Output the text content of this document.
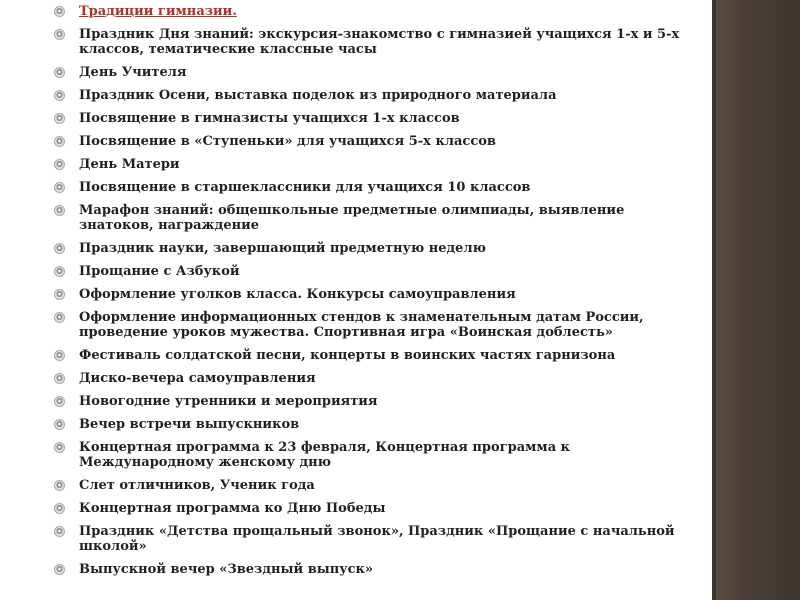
Традиции гимназии.
Праздник Дня знаний: экскурсия-знакомство с гимназией учащихся 1-х и 5-х классов, тематические классные часы
День Учителя
Праздник Осени, выставка поделок из природного материала
Посвящение в гимназисты учащихся 1-х классов
Посвящение в «Ступеньки» для учащихся 5-х классов
День Матери
Посвящение в старшеклассники для учащихся 10 классов
Марафон знаний: общешкольные предметные олимпиады, выявление знатоков, награждение
Праздник науки, завершающий предметную неделю
Прощание с Азбукой
Оформление уголков класса. Конкурсы самоуправления
Оформление информационных стендов к знаменательным датам России, проведение уроков мужества. Спортивная игра «Воинская доблесть»
Фестиваль солдатской песни, концерты в воинских частях гарнизона
Диско-вечера самоуправления
Новогодние утренники и мероприятия
Вечер встречи выпускников
Концертная программа к 23 февраля, Концертная программа к Международному женскому дню
Слет отличников, Ученик года
Концертная программа ко Дню Победы
Праздник «Детства прощальный звонок», Праздник «Прощание с начальной школой»
Выпускной вечер «Звездный выпуск»
